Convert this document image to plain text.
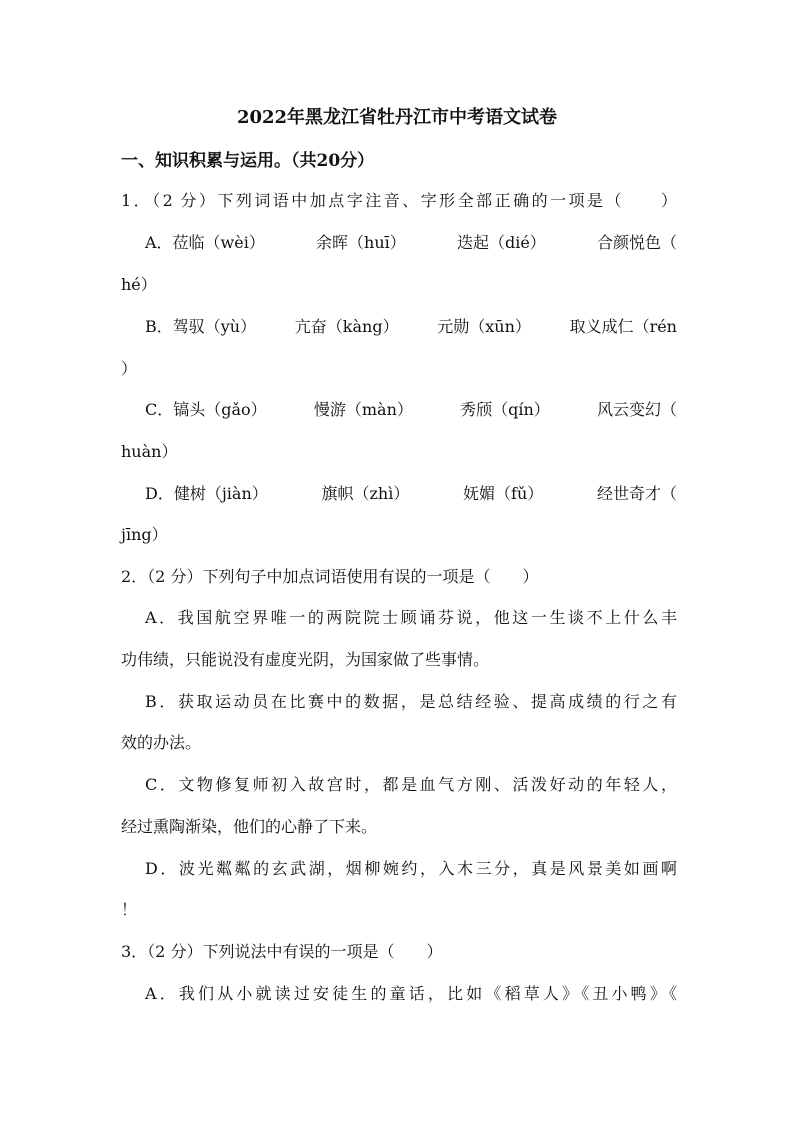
2022年黑龙江省牡丹江市中考语文试卷
一、知识积累与运用。（共20分）
1．（2 分）下列词语中加点字注音、字形全部正确的一项是（　　）
A．莅临（wèi）	余晖（huī）	迭起（dié）	合颜悦色（
hé）
B．驾驭（yù） 亢奋（kàng） 元勋（xūn） 取义成仁（rén
）
C．镐头（gǎo）	慢游（màn）	秀颀（qín）	风云变幻（
huàn）
D．健树（jiàn）	旗帜（zhì）	妩媚（fǔ）	经世奇才（
jīng）
2．（2 分）下列句子中加点词语使用有误的一项是（　　）
A．我国航空界唯一的两院院士顾诵芬说，他这一生谈不上什么丰
功伟绩，只能说没有虚度光阴，为国家做了些事情。
B．获取运动员在比赛中的数据，是总结经验、提高成绩的行之有
效的办法。
C．文物修复师初入故宫时，都是血气方刚、活泼好动的年轻人，
经过熏陶渐染，他们的心静了下来。
D．波光粼粼的玄武湖，烟柳婉约，入木三分，真是风景美如画啊
！
3．（2 分）下列说法中有误的一项是（　　）
A．我们从小就读过安徒生的童话，比如《稻草人》《丑小鸭》《
